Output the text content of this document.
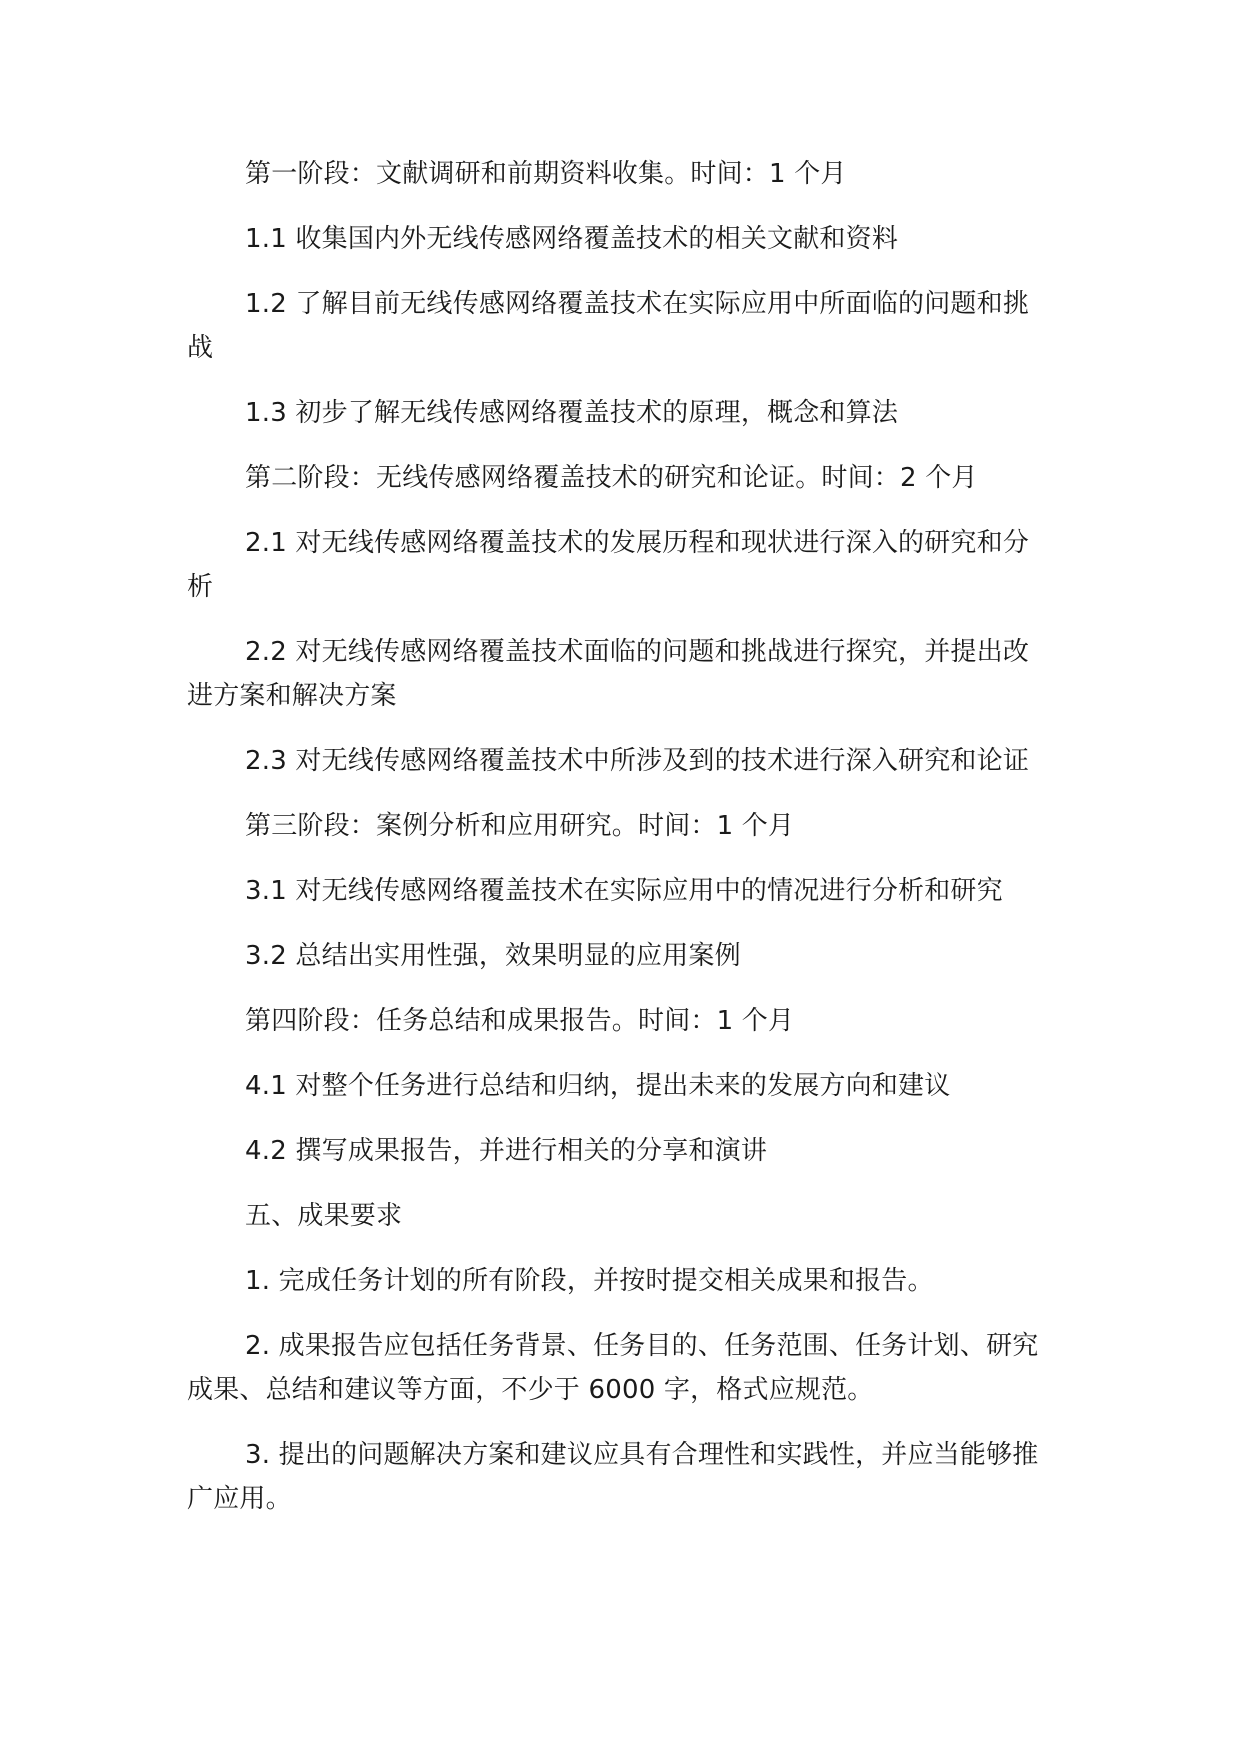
第一阶段：文献调研和前期资料收集。时间：1 个月

1.1 收集国内外无线传感网络覆盖技术的相关文献和资料

1.2 了解目前无线传感网络覆盖技术在实际应用中所面临的问题和挑战

1.3 初步了解无线传感网络覆盖技术的原理，概念和算法

第二阶段：无线传感网络覆盖技术的研究和论证。时间：2 个月

2.1 对无线传感网络覆盖技术的发展历程和现状进行深入的研究和分析

2.2 对无线传感网络覆盖技术面临的问题和挑战进行探究，并提出改进方案和解决方案

2.3 对无线传感网络覆盖技术中所涉及到的技术进行深入研究和论证

第三阶段：案例分析和应用研究。时间：1 个月

3.1 对无线传感网络覆盖技术在实际应用中的情况进行分析和研究

3.2 总结出实用性强，效果明显的应用案例

第四阶段：任务总结和成果报告。时间：1 个月

4.1 对整个任务进行总结和归纳，提出未来的发展方向和建议

4.2 撰写成果报告，并进行相关的分享和演讲

五、成果要求

1. 完成任务计划的所有阶段，并按时提交相关成果和报告。

2. 成果报告应包括任务背景、任务目的、任务范围、任务计划、研究成果、总结和建议等方面，不少于 6000 字，格式应规范。

3. 提出的问题解决方案和建议应具有合理性和实践性，并应当能够推广应用。
